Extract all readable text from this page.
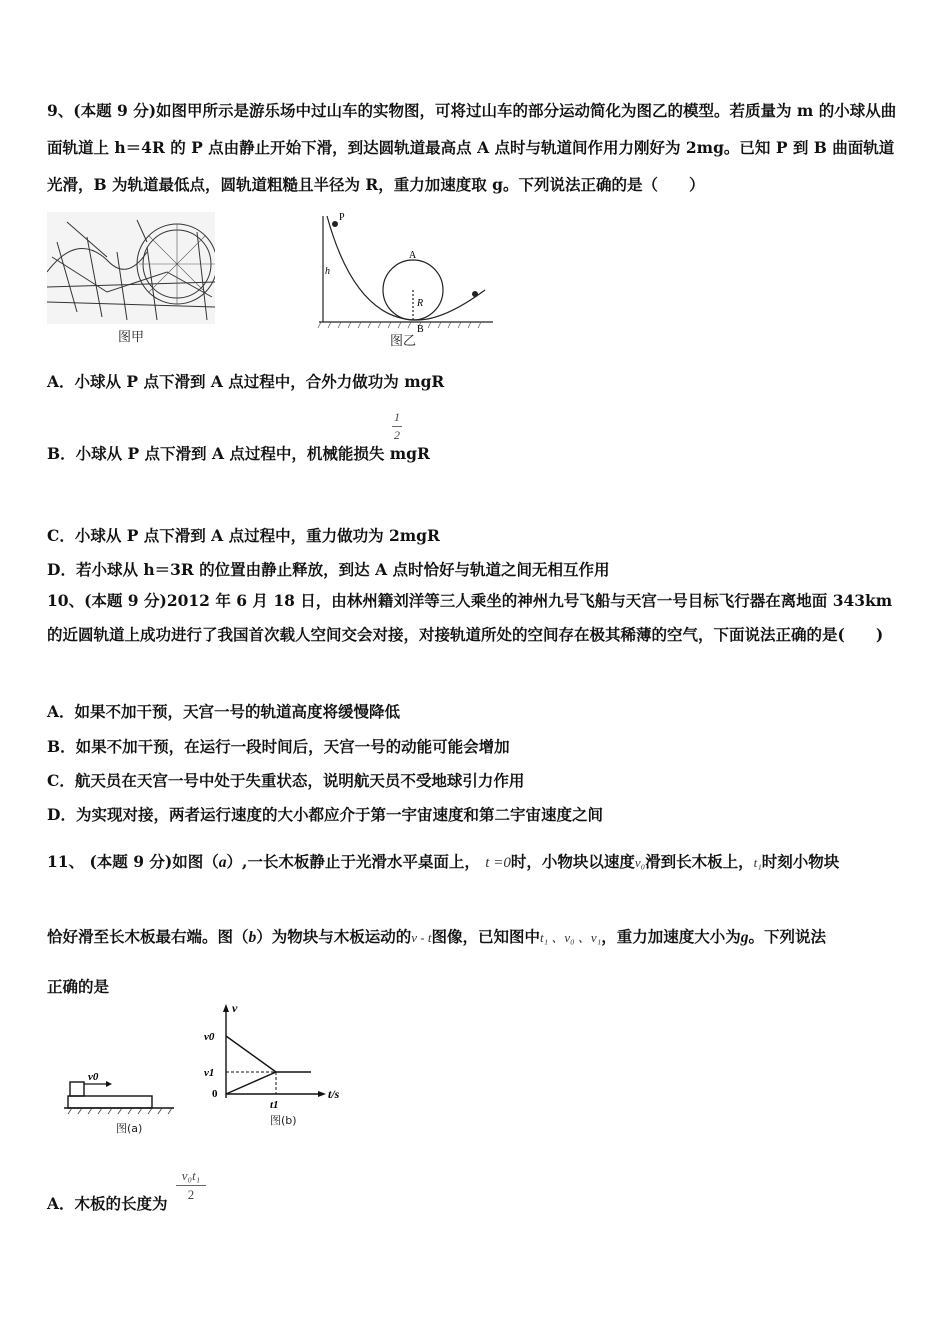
9、(本题 9 分)如图甲所示是游乐场中过山车的实物图，可将过山车的部分运动简化为图乙的模型。若质量为 m 的小球从曲面轨道上 h＝4R 的 P 点由静止开始下滑，到达圆轨道最高点 A 点时与轨道间作用力刚好为 2mg。已知 P 到 B 曲面轨道光滑，B 为轨道最低点，圆轨道粗糙且半径为 R，重力加速度取 g。下列说法正确的是（　　）
图甲
P
h
A
R
B
图乙
A．小球从 P 点下滑到 A 点过程中，合外力做功为 mgR
1
2
B．小球从 P 点下滑到 A 点过程中，机械能损失 mgR
C．小球从 P 点下滑到 A 点过程中，重力做功为 2mgR
D．若小球从 h＝3R 的位置由静止释放，到达 A 点时恰好与轨道之间无相互作用
10、(本题 9 分)2012 年 6 月 18 日，由林州籍刘洋等三人乘坐的神州九号飞船与天宫一号目标飞行器在离地面 343km 的近圆轨道上成功进行了我国首次载人空间交会对接，对接轨道所处的空间存在极其稀薄的空气，下面说法正确的是(　　)
A．如果不加干预，天宫一号的轨道高度将缓慢降低
B．如果不加干预，在运行一段时间后，天宫一号的动能可能会增加
C．航天员在天宫一号中处于失重状态，说明航天员不受地球引力作用
D．为实现对接，两者运行速度的大小都应介于第一宇宙速度和第二宇宙速度之间
11、 (本题 9 分)如图（a）,一长木板静止于光滑水平桌面上， t =0时，小物块以速度v₀滑到长木板上，t₁时刻小物块
恰好滑至长木板最右端。图（b）为物块与木板运动的v - t图像，已知图中t₁ 、v₀ 、v₁，重力加速度大小为g。下列说法
正确的是
v0
图(a)
v
v0
v1
0	t/s
t1
图(b)
A．木板的长度为
v₀t₁
2
